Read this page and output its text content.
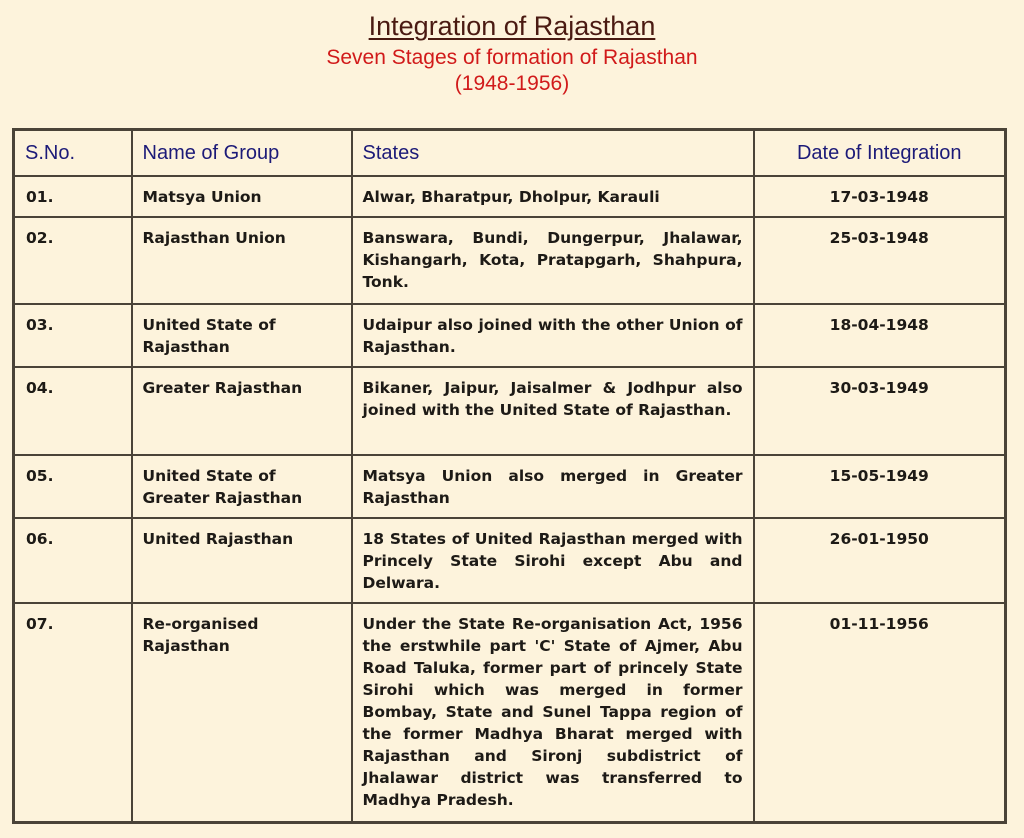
Integration of Rajasthan
Seven Stages of formation of Rajasthan
(1948-1956)
S.No.	Name of Group	States	Date of Integration

01.	Matsya Union	Alwar, Bharatpur, Dholpur, Karauli	17-03-1948

02.	Rajasthan Union	Banswara, Bundi, Dungerpur, Jhalawar, Kishangarh, Kota, Pratapgarh, Shahpura, Tonk.	25-03-1948

03.	United State of Rajasthan	Udaipur also joined with the other Union of Rajasthan.	18-04-1948

04.	Greater Rajasthan	Bikaner, Jaipur, Jaisalmer & Jodhpur also joined with the United State of Rajasthan.	30-03-1949

05.	United State of Greater Rajasthan	Matsya Union also merged in Greater Rajasthan	15-05-1949

06.	United Rajasthan	18 States of United Rajasthan merged with Princely State Sirohi except Abu and Delwara.	26-01-1950

07.	Re-organised Rajasthan	Under the State Re-organisation Act, 1956 the erstwhile part 'C' State of Ajmer, Abu Road Taluka, former part of princely State Sirohi which was merged in former Bombay, State and Sunel Tappa region of the former Madhya Bharat merged with Rajasthan and Sironj subdistrict of Jhalawar district was transferred to Madhya Pradesh.	01-11-1956
